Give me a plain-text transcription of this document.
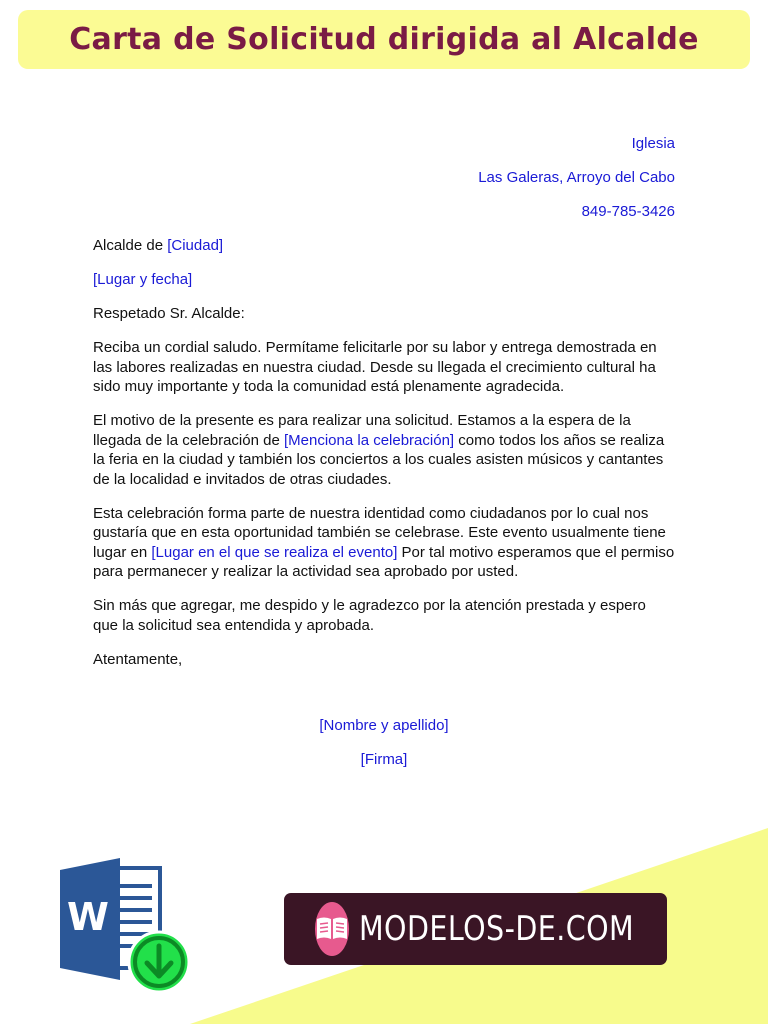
Carta de Solicitud dirigida al Alcalde

Iglesia

Las Galeras, Arroyo del Cabo

849-785-3426

Alcalde de [Ciudad]

[Lugar y fecha]

Respetado Sr. Alcalde:

Reciba un cordial saludo. Permítame felicitarle por su labor y entrega demostrada en las labores realizadas en nuestra ciudad. Desde su llegada el crecimiento cultural ha sido muy importante y toda la comunidad está plenamente agradecida.

El motivo de la presente es para realizar una solicitud. Estamos a la espera de la llegada de la celebración de [Menciona la celebración] como todos los años se realiza la feria en la ciudad y también los conciertos a los cuales asisten músicos y cantantes de la localidad e invitados de otras ciudades.

Esta celebración forma parte de nuestra identidad como ciudadanos por lo cual nos gustaría que en esta oportunidad también se celebrase. Este evento usualmente tiene lugar en [Lugar en el que se realiza el evento] Por tal motivo esperamos que el permiso para permanecer y realizar la actividad sea aprobado por usted.

Sin más que agregar, me despido y le agradezco por la atención prestada y espero que la solicitud sea entendida y aprobada.

Atentamente,

[Nombre y apellido]

[Firma]

W	MODELOS-DE.COM
